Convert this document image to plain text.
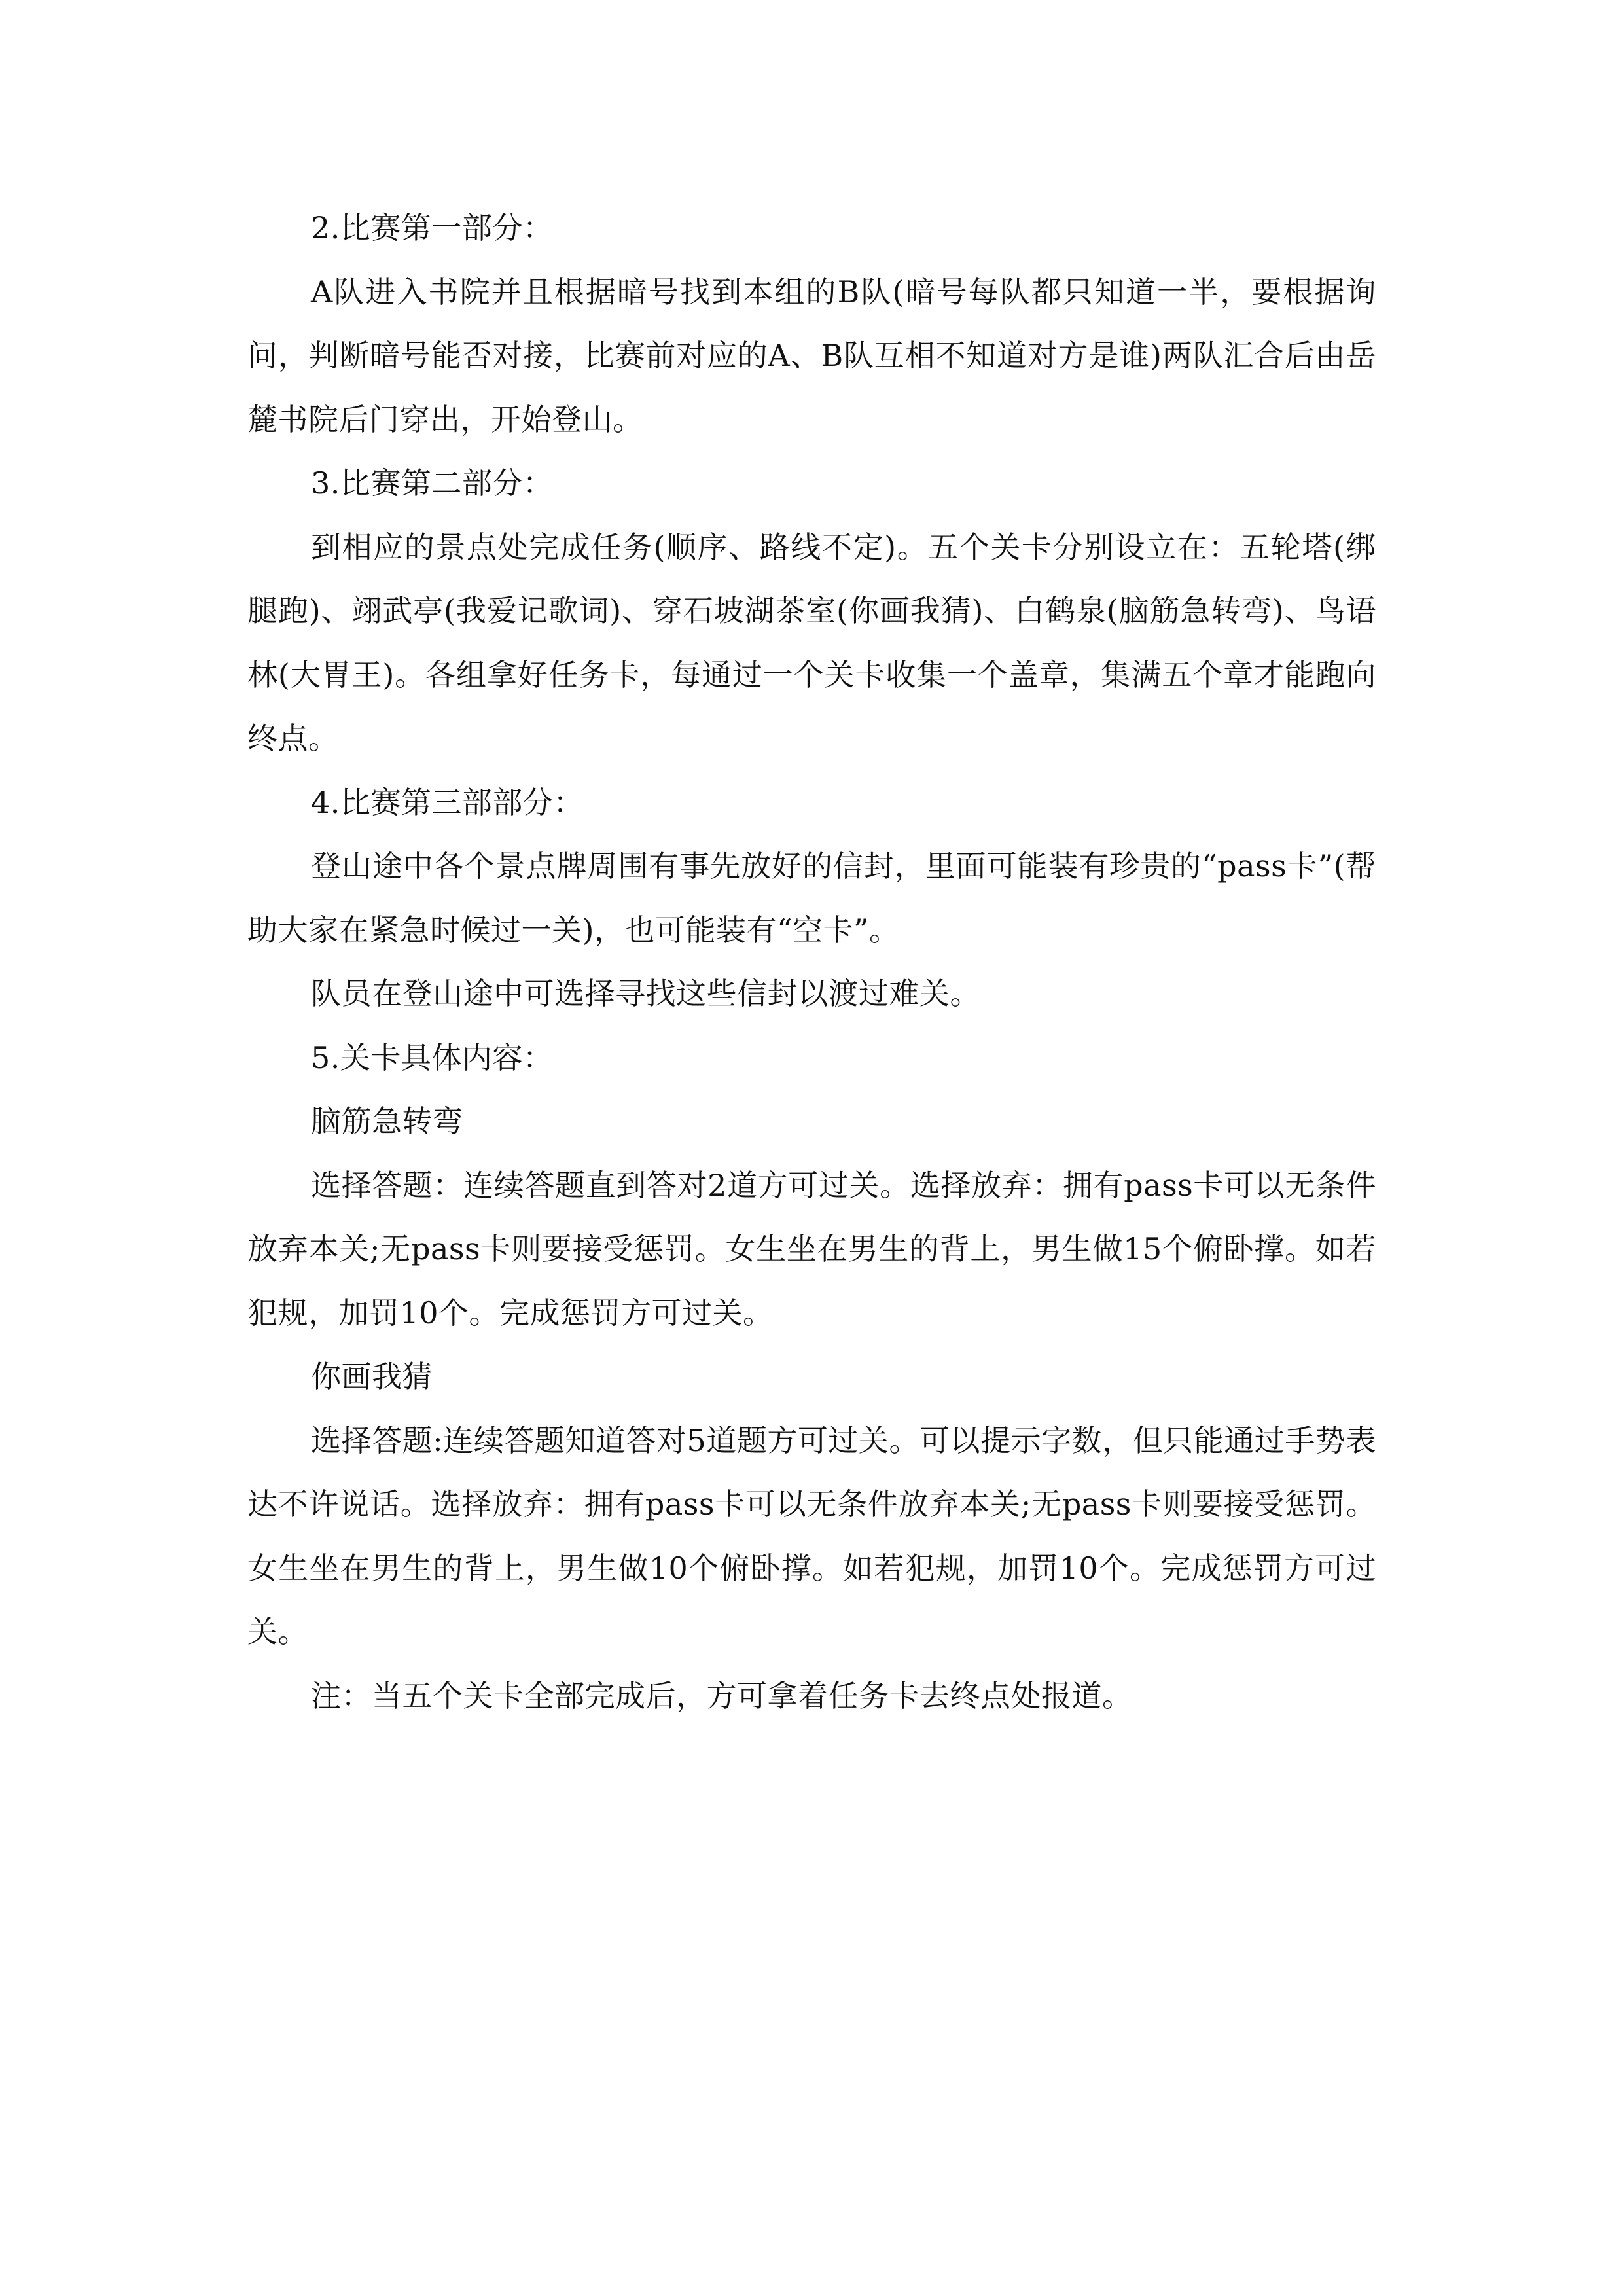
2.比赛第一部分：

A队进入书院并且根据暗号找到本组的B队(暗号每队都只知道一半，要根据询问，判断暗号能否对接，比赛前对应的A、B队互相不知道对方是谁)两队汇合后由岳麓书院后门穿出，开始登山。

3.比赛第二部分：

到相应的景点处完成任务(顺序、路线不定)。五个关卡分别设立在：五轮塔(绑腿跑)、翊武亭(我爱记歌词)、穿石坡湖茶室(你画我猜)、白鹤泉(脑筋急转弯)、鸟语林(大胃王)。各组拿好任务卡，每通过一个关卡收集一个盖章，集满五个章才能跑向终点。

4.比赛第三部部分：

登山途中各个景点牌周围有事先放好的信封，里面可能装有珍贵的“pass卡”(帮助大家在紧急时候过一关)，也可能装有“空卡”。

队员在登山途中可选择寻找这些信封以渡过难关。

5.关卡具体内容：

脑筋急转弯

选择答题：连续答题直到答对2道方可过关。选择放弃：拥有pass卡可以无条件放弃本关;无pass卡则要接受惩罚。女生坐在男生的背上，男生做15个俯卧撑。如若犯规，加罚10个。完成惩罚方可过关。

你画我猜

选择答题:连续答题知道答对5道题方可过关。可以提示字数，但只能通过手势表达不许说话。选择放弃：拥有pass卡可以无条件放弃本关;无pass卡则要接受惩罚。女生坐在男生的背上，男生做10个俯卧撑。如若犯规，加罚10个。完成惩罚方可过关。

注：当五个关卡全部完成后，方可拿着任务卡去终点处报道。
